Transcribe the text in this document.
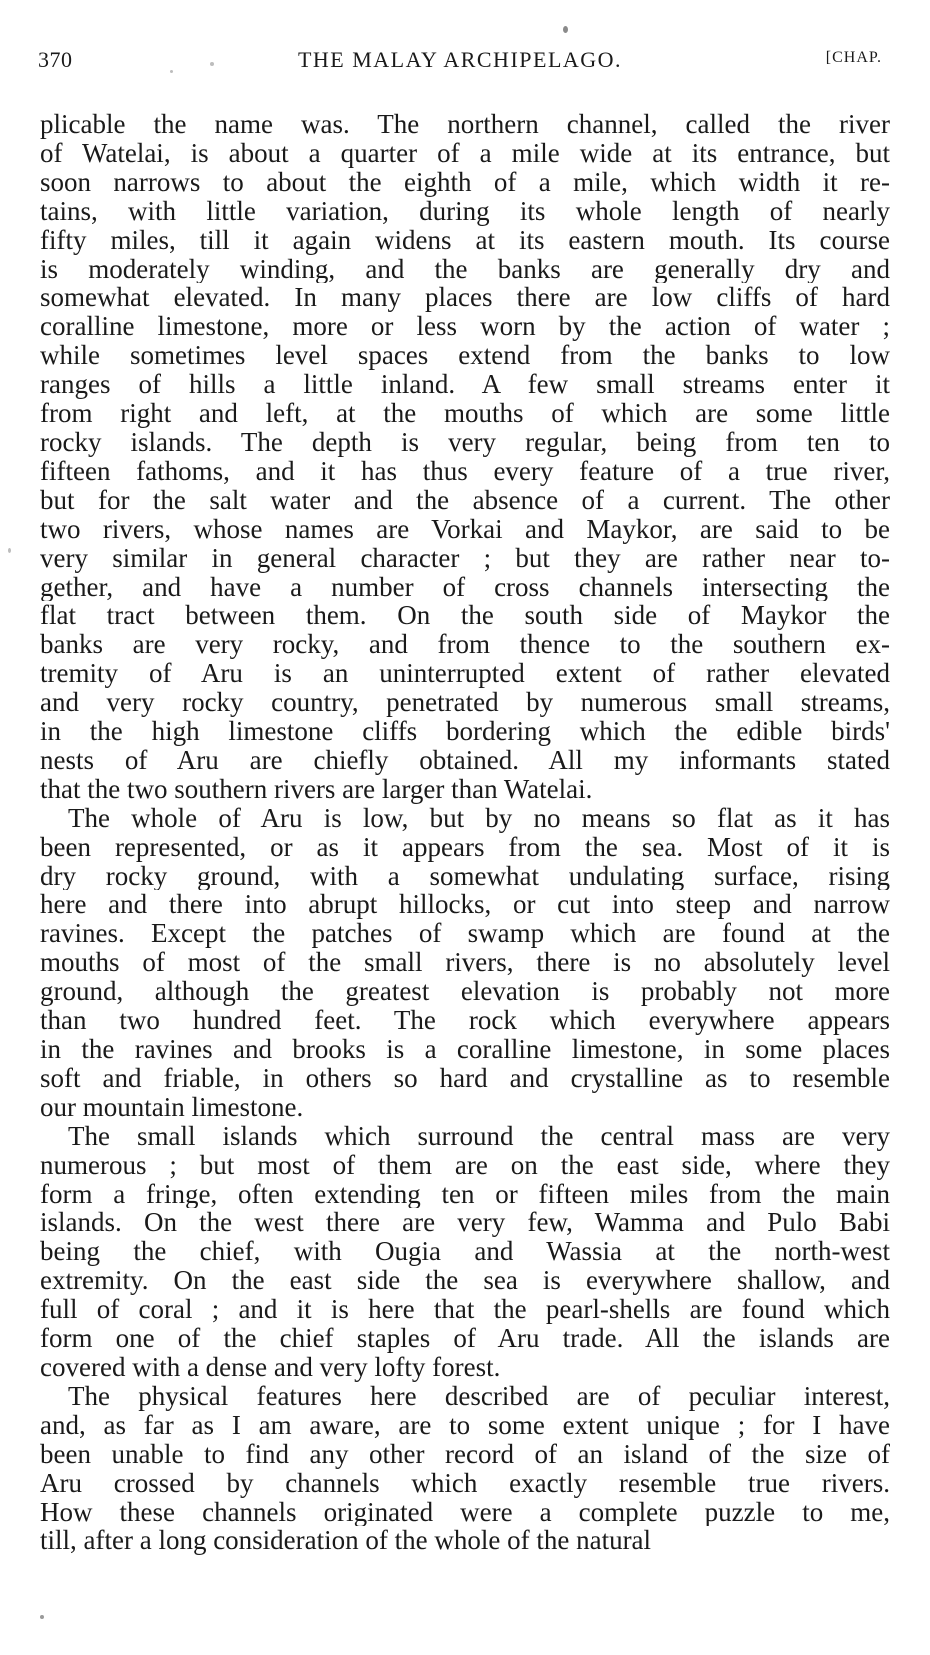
370	THE MALAY ARCHIPELAGO.	[CHAP.
plicable the name was. The northern channel, called the river
of Watelai, is about a quarter of a mile wide at its entrance, but
soon narrows to about the eighth of a mile, which width it re-
tains, with little variation, during its whole length of nearly
fifty miles, till it again widens at its eastern mouth. Its course
is moderately winding, and the banks are generally dry and
somewhat elevated. In many places there are low cliffs of hard
coralline limestone, more or less worn by the action of water ;
while sometimes level spaces extend from the banks to low
ranges of hills a little inland. A few small streams enter it
from right and left, at the mouths of which are some little
rocky islands. The depth is very regular, being from ten to
fifteen fathoms, and it has thus every feature of a true river,
but for the salt water and the absence of a current. The other
two rivers, whose names are Vorkai and Maykor, are said to be
very similar in general character ; but they are rather near to-
gether, and have a number of cross channels intersecting the
flat tract between them. On the south side of Maykor the
banks are very rocky, and from thence to the southern ex-
tremity of Aru is an uninterrupted extent of rather elevated
and very rocky country, penetrated by numerous small streams,
in the high limestone cliffs bordering which the edible birds'
nests of Aru are chiefly obtained. All my informants stated
that the two southern rivers are larger than Watelai.
The whole of Aru is low, but by no means so flat as it has
been represented, or as it appears from the sea. Most of it is
dry rocky ground, with a somewhat undulating surface, rising
here and there into abrupt hillocks, or cut into steep and narrow
ravines. Except the patches of swamp which are found at the
mouths of most of the small rivers, there is no absolutely level
ground, although the greatest elevation is probably not more
than two hundred feet. The rock which everywhere appears
in the ravines and brooks is a coralline limestone, in some places
soft and friable, in others so hard and crystalline as to resemble
our mountain limestone.
The small islands which surround the central mass are very
numerous ; but most of them are on the east side, where they
form a fringe, often extending ten or fifteen miles from the main
islands. On the west there are very few, Wamma and Pulo Babi
being the chief, with Ougia and Wassia at the north-west
extremity. On the east side the sea is everywhere shallow, and
full of coral ; and it is here that the pearl-shells are found which
form one of the chief staples of Aru trade. All the islands are
covered with a dense and very lofty forest.
The physical features here described are of peculiar interest,
and, as far as I am aware, are to some extent unique ; for I have
been unable to find any other record of an island of the size of
Aru crossed by channels which exactly resemble true rivers.
How these channels originated were a complete puzzle to me,
till, after a long consideration of the whole of the natural
